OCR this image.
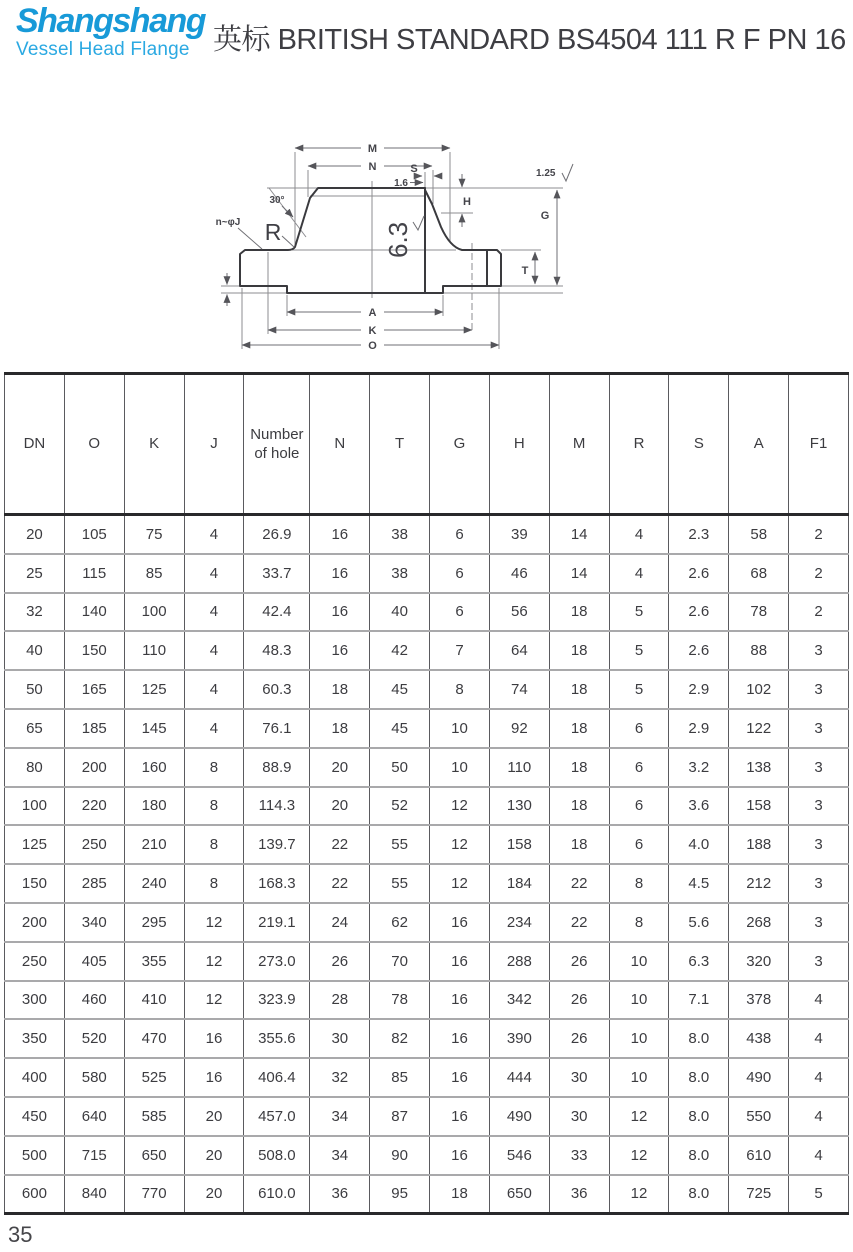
Shangshang
Vessel Head Flange 英标 BRITISH STANDARD BS4504 111 R F PN 16
M
N	S
1.6
H
G
T
A
K
O
30°
n~φJ R	6.3
1.25
DN	O	K	J	Number of hole	N	T	G	H	M	R	S	A	F1
20	105	75	4	26.9	16	38	6	39	14	4	2.3	58	2
25	115	85	4	33.7	16	38	6	46	14	4	2.6	68	2
32	140	100	4	42.4	16	40	6	56	18	5	2.6	78	2
40	150	110	4	48.3	16	42	7	64	18	5	2.6	88	3
50	165	125	4	60.3	18	45	8	74	18	5	2.9	102	3
65	185	145	4	76.1	18	45	10	92	18	6	2.9	122	3
80	200	160	8	88.9	20	50	10	110	18	6	3.2	138	3
100	220	180	8	114.3	20	52	12	130	18	6	3.6	158	3
125	250	210	8	139.7	22	55	12	158	18	6	4.0	188	3
150	285	240	8	168.3	22	55	12	184	22	8	4.5	212	3
200	340	295	12	219.1	24	62	16	234	22	8	5.6	268	3
250	405	355	12	273.0	26	70	16	288	26	10	6.3	320	3
300	460	410	12	323.9	28	78	16	342	26	10	7.1	378	4
350	520	470	16	355.6	30	82	16	390	26	10	8.0	438	4
400	580	525	16	406.4	32	85	16	444	30	10	8.0	490	4
450	640	585	20	457.0	34	87	16	490	30	12	8.0	550	4
500	715	650	20	508.0	34	90	16	546	33	12	8.0	610	4
600	840	770	20	610.0	36	95	18	650	36	12	8.0	725	5
35
